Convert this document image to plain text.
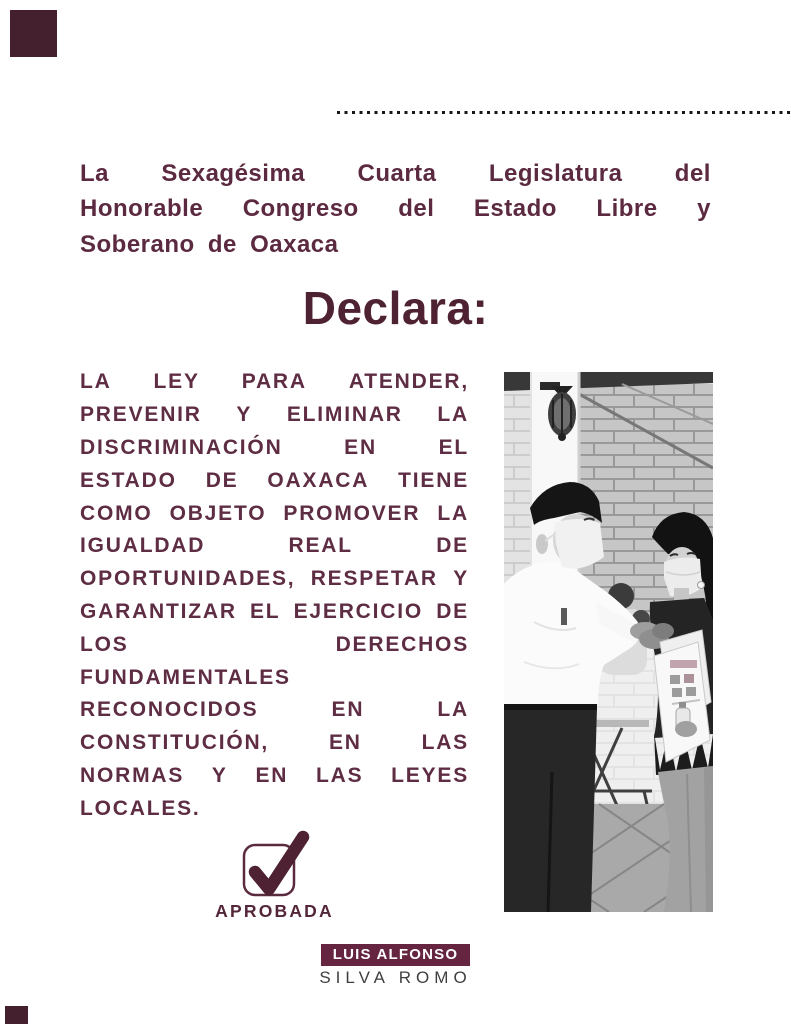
La Sexagésima Cuarta Legislatura del
Honorable Congreso del Estado Libre y
Soberano de Oaxaca
Declara:
LA LEY PARA ATENDER,
PREVENIR Y ELIMINAR LA
DISCRIMINACIÓN	EN	EL
ESTADO DE OAXACA TIENE
COMO OBJETO PROMOVER LA
IGUALDAD	REAL	DE
OPORTUNIDADES, RESPETAR Y
GARANTIZAR EL EJERCICIO DE
LOS	DERECHOS
FUNDAMENTALES
RECONOCIDOS	EN	LA
CONSTITUCIÓN,	EN	LAS
NORMAS Y EN LAS LEYES
LOCALES.
APROBADA
LUIS ALFONSO
SILVA ROMO
